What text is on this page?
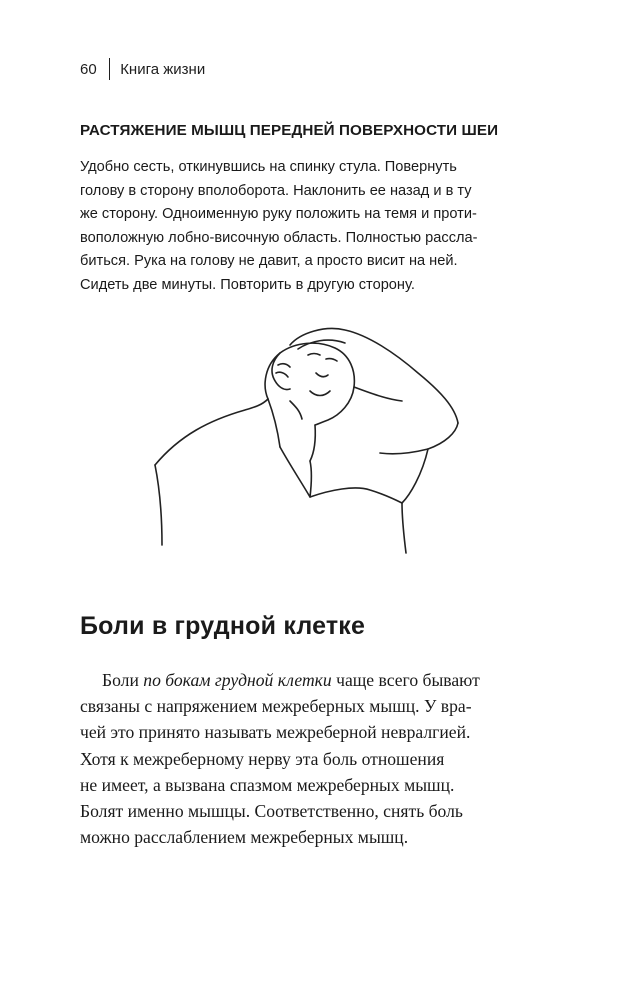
60 Книга жизни
РАСТЯЖЕНИЕ МЫШЦ ПЕРЕДНЕЙ ПОВЕРХНОСТИ ШЕИ

Удобно сесть, откинувшись на спинку стула. Повернуть
голову в сторону вполоборота. Наклонить ее назад и в ту
же сторону. Одноименную руку положить на темя и проти-
воположную лобно-височную область. Полностью рассла-
биться. Рука на голову не давит, а просто висит на ней.
Сидеть две минуты. Повторить в другую сторону.

Боли в грудной клетке

Боли по бокам грудной клетки чаще всего бывают
связаны с напряжением межреберных мышц. У вра-
чей это принято называть межреберной невралгией.
Хотя к межреберному нерву эта боль отношения
не имеет, а вызвана спазмом межреберных мышц.
Болят именно мышцы. Соответственно, снять боль
можно расслаблением межреберных мышц.
